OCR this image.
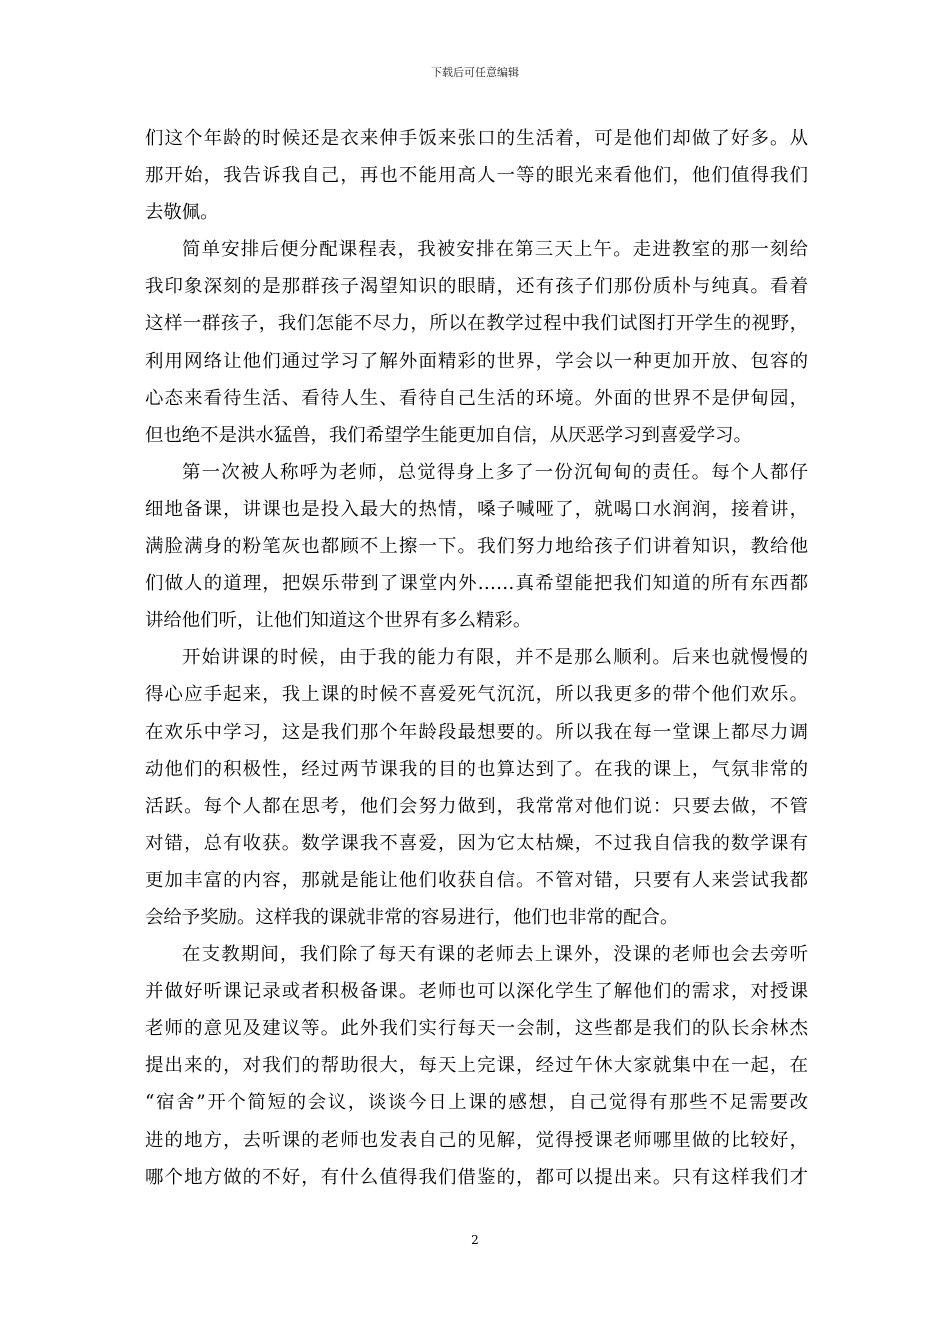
下载后可任意编辑
们这个年龄的时候还是衣来伸手饭来张口的生活着，可是他们却做了好多。从
那开始，我告诉我自己，再也不能用高人一等的眼光来看他们，他们值得我们
去敬佩。
简单安排后便分配课程表，我被安排在第三天上午。走进教室的那一刻给
我印象深刻的是那群孩子渴望知识的眼睛，还有孩子们那份质朴与纯真。看着
这样一群孩子，我们怎能不尽力，所以在教学过程中我们试图打开学生的视野，
利用网络让他们通过学习了解外面精彩的世界，学会以一种更加开放、包容的
心态来看待生活、看待人生、看待自己生活的环境。外面的世界不是伊甸园，
但也绝不是洪水猛兽，我们希望学生能更加自信，从厌恶学习到喜爱学习。
第一次被人称呼为老师，总觉得身上多了一份沉甸甸的责任。每个人都仔
细地备课，讲课也是投入最大的热情，嗓子喊哑了，就喝口水润润，接着讲，
满脸满身的粉笔灰也都顾不上擦一下。我们努力地给孩子们讲着知识，教给他
们做人的道理，把娱乐带到了课堂内外……真希望能把我们知道的所有东西都
讲给他们听，让他们知道这个世界有多么精彩。
开始讲课的时候，由于我的能力有限，并不是那么顺利。后来也就慢慢的
得心应手起来，我上课的时候不喜爱死气沉沉，所以我更多的带个他们欢乐。
在欢乐中学习，这是我们那个年龄段最想要的。所以我在每一堂课上都尽力调
动他们的积极性，经过两节课我的目的也算达到了。在我的课上，气氛非常的
活跃。每个人都在思考，他们会努力做到，我常常对他们说：只要去做，不管
对错，总有收获。数学课我不喜爱，因为它太枯燥，不过我自信我的数学课有
更加丰富的内容，那就是能让他们收获自信。不管对错，只要有人来尝试我都
会给予奖励。这样我的课就非常的容易进行，他们也非常的配合。
在支教期间，我们除了每天有课的老师去上课外，没课的老师也会去旁听
并做好听课记录或者积极备课。老师也可以深化学生了解他们的需求，对授课
老师的意见及建议等。此外我们实行每天一会制，这些都是我们的队长余林杰
提出来的，对我们的帮助很大，每天上完课，经过午休大家就集中在一起，在
“宿舍”开个简短的会议，谈谈今日上课的感想，自己觉得有那些不足需要改
进的地方，去听课的老师也发表自己的见解，觉得授课老师哪里做的比较好，
哪个地方做的不好，有什么值得我们借鉴的，都可以提出来。只有这样我们才
2
